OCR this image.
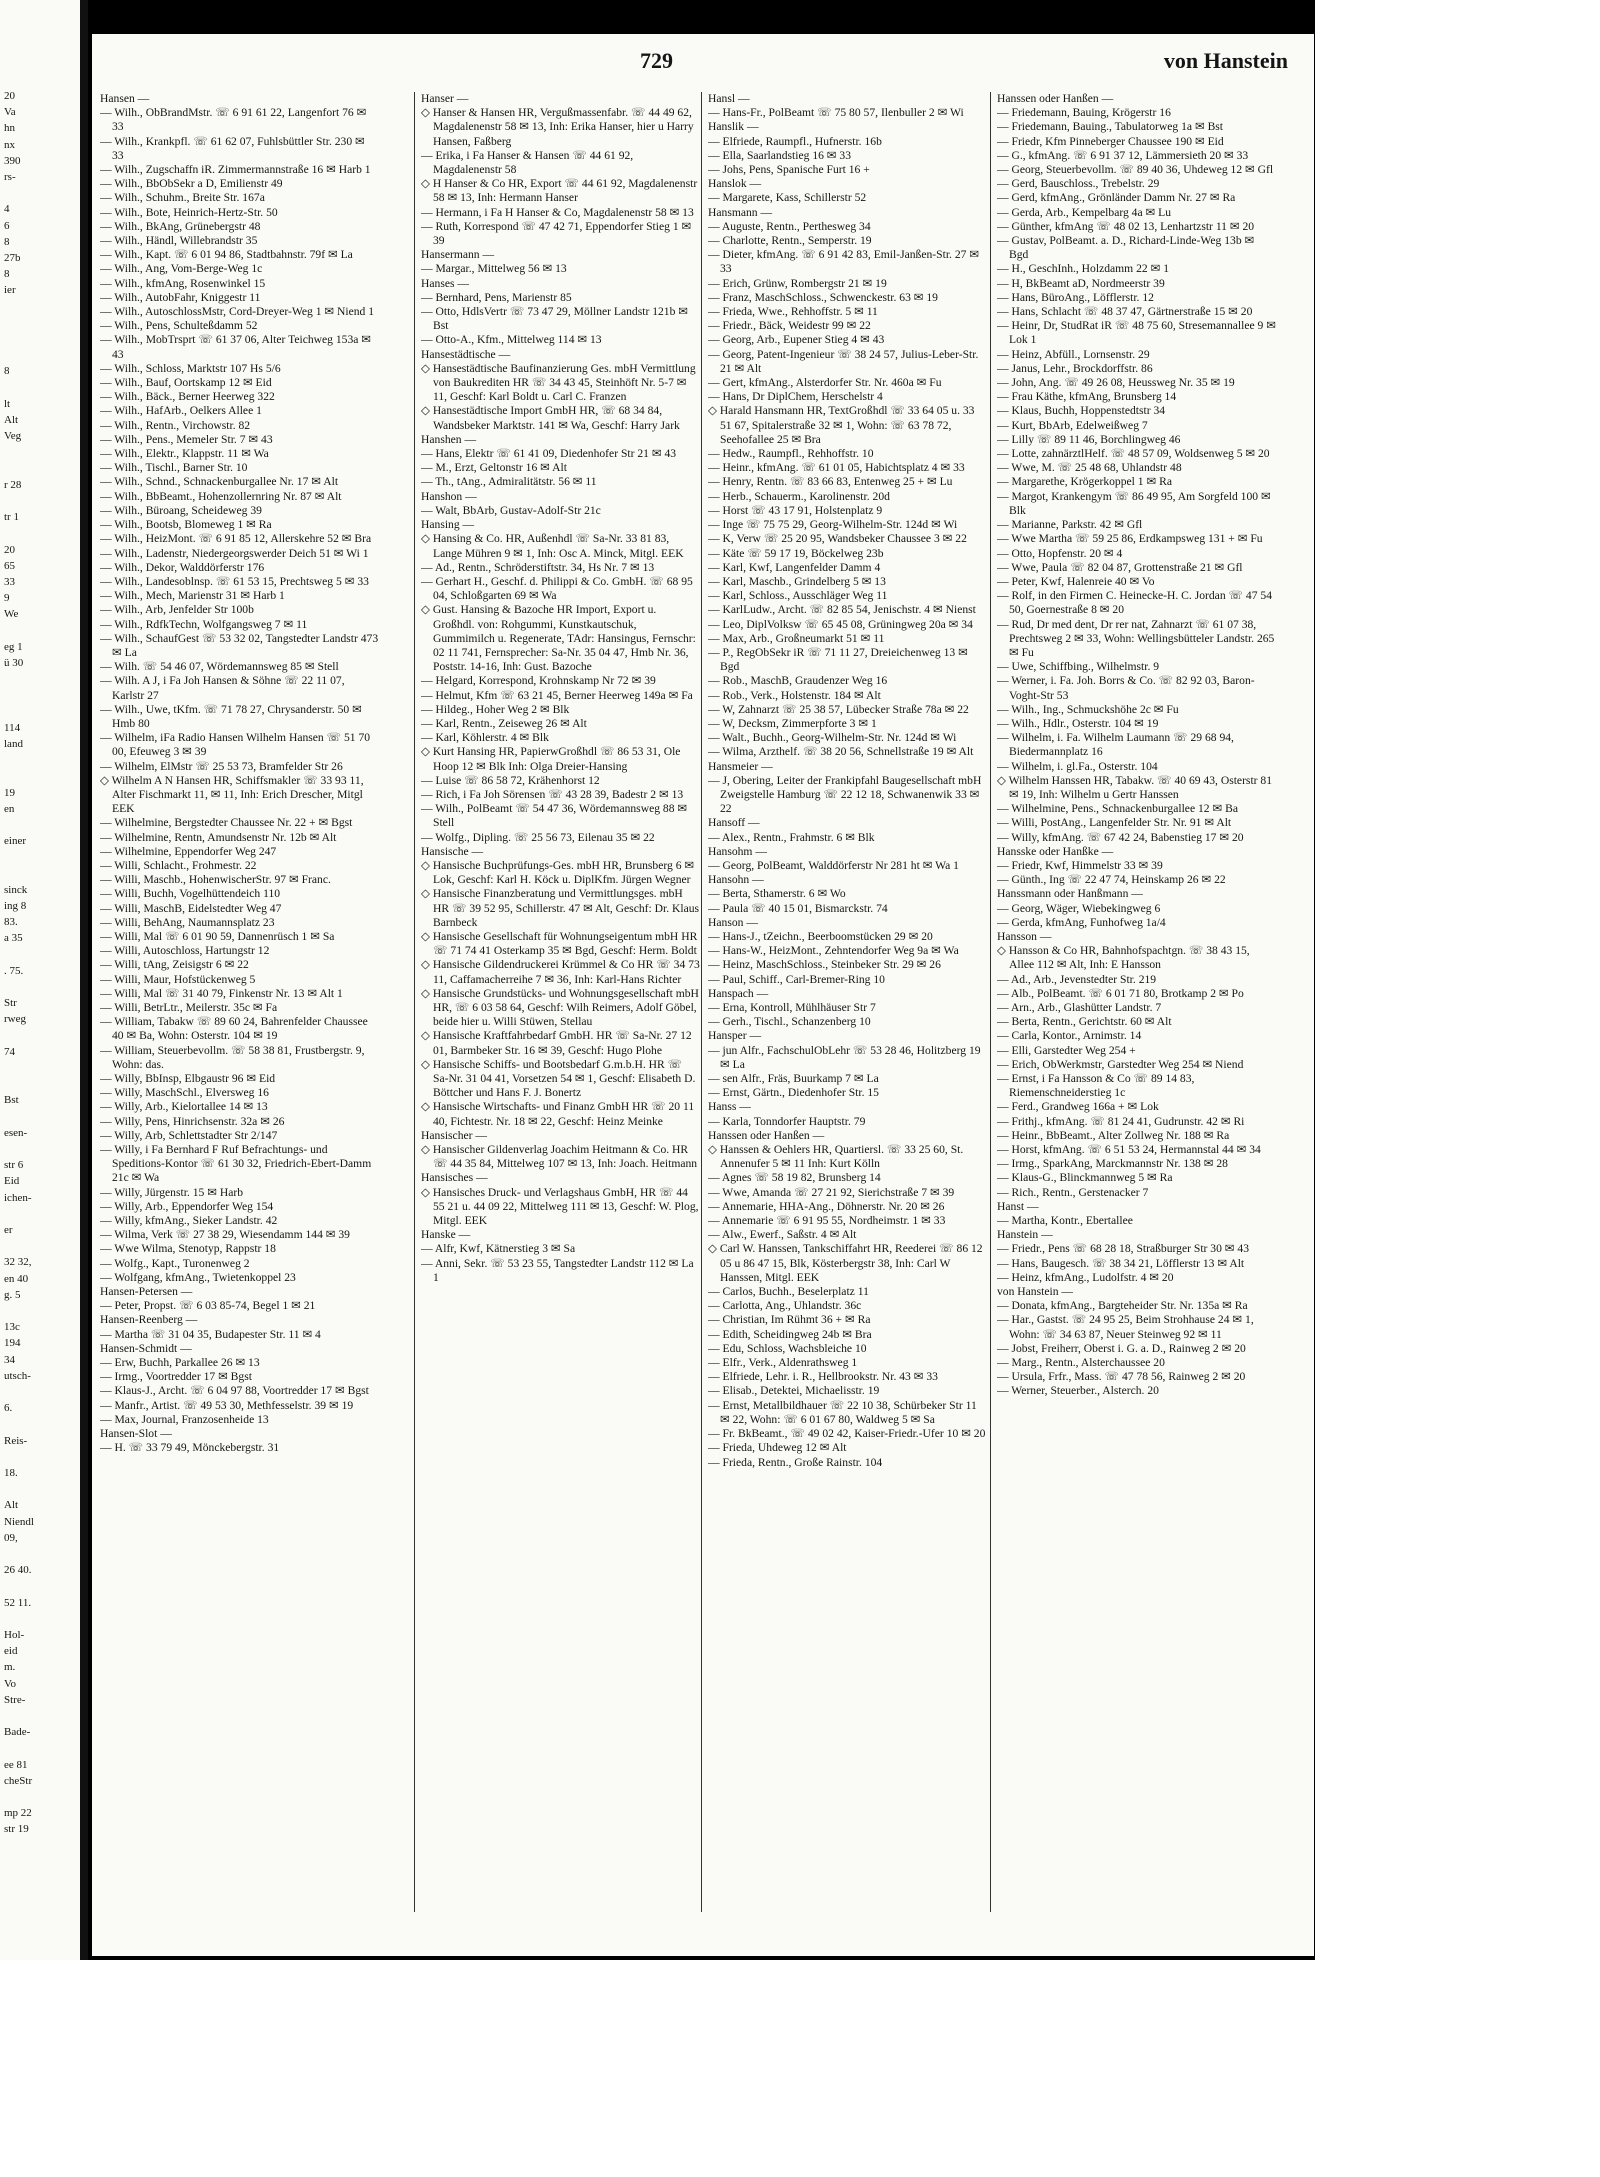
20
Va
hn
nx
390
rs-
4
6
8
27b
8
ier
8
lt
Alt
Veg
r 28
tr 1
20
65
33
9
We
eg 1
ü 30
114
land
19
en
einer
sinck
ing 8
83.
a 35
. 75.
Str
rweg
74
Bst
esen-
str 6
Eid
ichen-
er
32 32,
en 40
g. 5
13c
194
34
utsch-
6.
Reis-
18.
Alt
Niendl
09,
26 40.
52 11.
Hol-
eid
m.
Vo
Stre-
Bade-
ee 81
cheStr
mp 22
str 19
729	von Hanstein

Hansen —

— Wilh., ObBrandMstr. ☏ 6 91 61 22, Langenfort 76 ✉ 33

— Wilh., Krankpfl. ☏ 61 62 07, Fuhlsbüttler Str. 230 ✉ 33

— Wilh., Zugschaffn iR. Zimmermannstraße 16 ✉ Harb 1

— Wilh., BbObSekr a D, Emilienstr 49

— Wilh., Schuhm., Breite Str. 167a

— Wilh., Bote, Heinrich-Hertz-Str. 50

— Wilh., BkAng, Grünebergstr 48

— Wilh., Händl, Willebrandstr 35

— Wilh., Kapt. ☏ 6 01 94 86, Stadtbahnstr. 79f ✉ La

— Wilh., Ang, Vom-Berge-Weg 1c

— Wilh., kfmAng, Rosenwinkel 15

— Wilh., AutobFahr, Kniggestr 11

— Wilh., AutoschlossMstr, Cord-Dreyer-Weg 1 ✉ Niend 1

— Wilh., Pens, Schulteßdamm 52

— Wilh., MobTrsprt ☏ 61 37 06, Alter Teichweg 153a ✉ 43

— Wilh., Schloss, Marktstr 107 Hs 5/6

— Wilh., Bauf, Oortskamp 12 ✉ Eid

— Wilh., Bäck., Berner Heerweg 322

— Wilh., HafArb., Oelkers Allee 1

— Wilh., Rentn., Virchowstr. 82

— Wilh., Pens., Memeler Str. 7 ✉ 43

— Wilh., Elektr., Klappstr. 11 ✉ Wa

— Wilh., Tischl., Barner Str. 10

— Wilh., Schnd., Schnackenburgallee Nr. 17 ✉ Alt

— Wilh., BbBeamt., Hohenzollernring Nr. 87 ✉ Alt

— Wilh., Büroang, Scheideweg 39

— Wilh., Bootsb, Blomeweg 1 ✉ Ra

— Wilh., HeizMont. ☏ 6 91 85 12, Allerskehre 52 ✉ Bra

— Wilh., Ladenstr, Niedergeorgswerder Deich 51 ✉ Wi 1

— Wilh., Dekor, Walddörferstr 176

— Wilh., Landesoblnsp. ☏ 61 53 15, Prechtsweg 5 ✉ 33

— Wilh., Mech, Marienstr 31 ✉ Harb 1

— Wilh., Arb, Jenfelder Str 100b

— Wilh., RdfkTechn, Wolfgangsweg 7 ✉ 11

— Wilh., SchaufGest ☏ 53 32 02, Tangstedter Landstr 473 ✉ La

— Wilh. ☏ 54 46 07, Wördemannsweg 85 ✉ Stell

— Wilh. A J, i Fa Joh Hansen & Söhne ☏ 22 11 07, Karlstr 27

— Wilh., Uwe, tKfm. ☏ 71 78 27, Chrysanderstr. 50 ✉ Hmb 80

— Wilhelm, iFa Radio Hansen Wilhelm Hansen ☏ 51 70 00, Efeuweg 3 ✉ 39

— Wilhelm, ElMstr ☏ 25 53 73, Bramfelder Str 26

◇ Wilhelm A N Hansen HR, Schiffsmakler ☏ 33 93 11, Alter Fischmarkt 11, ✉ 11, Inh: Erich Drescher, Mitgl EEK

— Wilhelmine, Bergstedter Chaussee Nr. 22 + ✉ Bgst

— Wilhelmine, Rentn, Amundsenstr Nr. 12b ✉ Alt

— Wilhelmine, Eppendorfer Weg 247

— Willi, Schlacht., Frohmestr. 22

— Willi, Maschb., HohenwischerStr. 97 ✉ Franc.

— Willi, Buchh, Vogelhüttendeich 110

— Willi, MaschB, Eidelstedter Weg 47

— Willi, BehAng, Naumannsplatz 23

— Willi, Mal ☏ 6 01 90 59, Dannenrüsch 1 ✉ Sa

— Willi, Autoschloss, Hartungstr 12

— Willi, tAng, Zeisigstr 6 ✉ 22

— Willi, Maur, Hofstückenweg 5

— Willi, Mal ☏ 31 40 79, Finkenstr Nr. 13 ✉ Alt 1

— Willi, BetrLtr., Meilerstr. 35c ✉ Fa

— William, Tabakw ☏ 89 60 24, Bahrenfelder Chaussee 40 ✉ Ba, Wohn: Osterstr. 104 ✉ 19

— William, Steuerbevollm. ☏ 58 38 81, Frustbergstr. 9, Wohn: das.

— Willy, BbInsp, Elbgaustr 96 ✉ Eid

— Willy, MaschSchl., Elversweg 16

— Willy, Arb., Kielortallee 14 ✉ 13

— Willy, Pens, Hinrichsenstr. 32a ✉ 26

— Willy, Arb, Schlettstadter Str 2/147

— Willy, i Fa Bernhard F Ruf Befrachtungs- und Speditions-Kontor ☏ 61 30 32, Friedrich-Ebert-Damm 21c ✉ Wa

— Willy, Jürgenstr. 15 ✉ Harb

— Willy, Arb., Eppendorfer Weg 154

— Willy, kfmAng., Sieker Landstr. 42

— Wilma, Verk ☏ 27 38 29, Wiesendamm 144 ✉ 39

— Wwe Wilma, Stenotyp, Rappstr 18

— Wolfg., Kapt., Turonenweg 2

— Wolfgang, kfmAng., Twietenkoppel 23

Hansen-Petersen —

— Peter, Propst. ☏ 6 03 85-74, Begel 1 ✉ 21

Hansen-Reenberg —

— Martha ☏ 31 04 35, Budapester Str. 11 ✉ 4

Hansen-Schmidt —

— Erw, Buchh, Parkallee 26 ✉ 13

— Irmg., Voortredder 17 ✉ Bgst

— Klaus-J., Archt. ☏ 6 04 97 88, Voortredder 17 ✉ Bgst

— Manfr., Artist. ☏ 49 53 30, Methfesselstr. 39 ✉ 19

— Max, Journal, Franzosenheide 13

Hansen-Slot —

— H. ☏ 33 79 49, Mönckebergstr. 31

Hanser —

◇ Hanser & Hansen HR, Vergußmassenfabr. ☏ 44 49 62, Magdalenenstr 58 ✉ 13, Inh: Erika Hanser, hier u Harry Hansen, Faßberg

— Erika, i Fa Hanser & Hansen ☏ 44 61 92, Magdalenenstr 58

◇ H Hanser & Co HR, Export ☏ 44 61 92, Magdalenenstr 58 ✉ 13, Inh: Hermann Hanser

— Hermann, i Fa H Hanser & Co, Magdalenenstr 58 ✉ 13

— Ruth, Korrespond ☏ 47 42 71, Eppendorfer Stieg 1 ✉ 39

Hansermann —

— Margar., Mittelweg 56 ✉ 13

Hanses —

— Bernhard, Pens, Marienstr 85

— Otto, HdlsVertr ☏ 73 47 29, Möllner Landstr 121b ✉ Bst

— Otto-A., Kfm., Mittelweg 114 ✉ 13

Hansestädtische —

◇ Hansestädtische Baufinanzierung Ges. mbH Vermittlung von Baukrediten HR ☏ 34 43 45, Steinhöft Nr. 5-7 ✉ 11, Geschf: Karl Boldt u. Carl C. Franzen

◇ Hansestädtische Import GmbH HR, ☏ 68 34 84, Wandsbeker Marktstr. 141 ✉ Wa, Geschf: Harry Jark

Hanshen —

— Hans, Elektr ☏ 61 41 09, Diedenhofer Str 21 ✉ 43

— M., Erzt, Geltonstr 16 ✉ Alt

— Th., tAng., Admiralitätstr. 56 ✉ 11

Hanshon —

— Walt, BbArb, Gustav-Adolf-Str 21c

Hansing —

◇ Hansing & Co. HR, Außenhdl ☏ Sa-Nr. 33 81 83, Lange Mühren 9 ✉ 1, Inh: Osc A. Minck, Mitgl. EEK

— Ad., Rentn., Schröderstiftstr. 34, Hs Nr. 7 ✉ 13

— Gerhart H., Geschf. d. Philippi & Co. GmbH. ☏ 68 95 04, Schloßgarten 69 ✉ Wa

◇ Gust. Hansing & Bazoche HR Import, Export u. Großhdl. von: Rohgummi, Kunstkautschuk, Gummimilch u. Regenerate, TAdr: Hansingus, Fernschr: 02 11 741, Fernsprecher: Sa-Nr. 35 04 47, Hmb Nr. 36, Poststr. 14-16, Inh: Gust. Bazoche

— Helgard, Korrespond, Krohnskamp Nr 72 ✉ 39

— Helmut, Kfm ☏ 63 21 45, Berner Heerweg 149a ✉ Fa

— Hildeg., Hoher Weg 2 ✉ Blk

— Karl, Rentn., Zeiseweg 26 ✉ Alt

— Karl, Köhlerstr. 4 ✉ Blk

◇ Kurt Hansing HR, PapierwGroßhdl ☏ 86 53 31, Ole Hoop 12 ✉ Blk Inh: Olga Dreier-Hansing

— Luise ☏ 86 58 72, Krähenhorst 12

— Rich, i Fa Joh Sörensen ☏ 43 28 39, Badestr 2 ✉ 13

— Wilh., PolBeamt ☏ 54 47 36, Wördemannsweg 88 ✉ Stell

— Wolfg., Dipling. ☏ 25 56 73, Eilenau 35 ✉ 22

Hansische —

◇ Hansische Buchprüfungs-Ges. mbH HR, Brunsberg 6 ✉ Lok, Geschf: Karl H. Köck u. DiplKfm. Jürgen Wegner

◇ Hansische Finanzberatung und Vermittlungsges. mbH HR ☏ 39 52 95, Schillerstr. 47 ✉ Alt, Geschf: Dr. Klaus Barnbeck

◇ Hansische Gesellschaft für Wohnungseigentum mbH HR ☏ 71 74 41 Osterkamp 35 ✉ Bgd, Geschf: Herm. Boldt

◇ Hansische Gildendruckerei Krümmel & Co HR ☏ 34 73 11, Caffamacherreihe 7 ✉ 36, Inh: Karl-Hans Richter

◇ Hansische Grundstücks- und Wohnungsgesellschaft mbH HR, ☏ 6 03 58 64, Geschf: Wilh Reimers, Adolf Göbel, beide hier u. Willi Stüwen, Stellau

◇ Hansische Kraftfahrbedarf GmbH. HR ☏ Sa-Nr. 27 12 01, Barmbeker Str. 16 ✉ 39, Geschf: Hugo Plohe

◇ Hansische Schiffs- und Bootsbedarf G.m.b.H. HR ☏ Sa-Nr. 31 04 41, Vorsetzen 54 ✉ 1, Geschf: Elisabeth D. Böttcher und Hans F. J. Bonertz

◇ Hansische Wirtschafts- und Finanz GmbH HR ☏ 20 11 40, Fichtestr. Nr. 18 ✉ 22, Geschf: Heinz Meinke

Hansischer —

◇ Hansischer Gildenverlag Joachim Heitmann & Co. HR ☏ 44 35 84, Mittelweg 107 ✉ 13, Inh: Joach. Heitmann

Hansisches —

◇ Hansisches Druck- und Verlagshaus GmbH, HR ☏ 44 55 21 u. 44 09 22, Mittelweg 111 ✉ 13, Geschf: W. Plog, Mitgl. EEK

Hanske —

— Alfr, Kwf, Kätnerstieg 3 ✉ Sa

— Anni, Sekr. ☏ 53 23 55, Tangstedter Landstr 112 ✉ La 1

Hansl —

— Hans-Fr., PolBeamt ☏ 75 80 57, Ilenbuller 2 ✉ Wi

Hanslik —

— Elfriede, Raumpfl., Hufnerstr. 16b

— Ella, Saarlandstieg 16 ✉ 33

— Johs, Pens, Spanische Furt 16 +

Hanslok —

— Margarete, Kass, Schillerstr 52

Hansmann —

— Auguste, Rentn., Perthesweg 34

— Charlotte, Rentn., Semperstr. 19

— Dieter, kfmAng. ☏ 6 91 42 83, Emil-Janßen-Str. 27 ✉ 33

— Erich, Grünw, Rombergstr 21 ✉ 19

— Franz, MaschSchloss., Schwenckestr. 63 ✉ 19

— Frieda, Wwe., Rehhoffstr. 5 ✉ 11

— Friedr., Bäck, Weidestr 99 ✉ 22

— Georg, Arb., Eupener Stieg 4 ✉ 43

— Georg, Patent-Ingenieur ☏ 38 24 57, Julius-Leber-Str. 21 ✉ Alt

— Gert, kfmAng., Alsterdorfer Str. Nr. 460a ✉ Fu

— Hans, Dr DiplChem, Herschelstr 4

◇ Harald Hansmann HR, TextGroßhdl ☏ 33 64 05 u. 33 51 67, Spitalerstraße 32 ✉ 1, Wohn: ☏ 63 78 72, Seehofallee 25 ✉ Bra

— Hedw., Raumpfl., Rehhoffstr. 10

— Heinr., kfmAng. ☏ 61 01 05, Habichtsplatz 4 ✉ 33

— Henry, Rentn. ☏ 83 66 83, Entenweg 25 + ✉ Lu

— Herb., Schauerm., Karolinenstr. 20d

— Horst ☏ 43 17 91, Holstenplatz 9

— Inge ☏ 75 75 29, Georg-Wilhelm-Str. 124d ✉ Wi

— K, Verw ☏ 25 20 95, Wandsbeker Chaussee 3 ✉ 22

— Käte ☏ 59 17 19, Böckelweg 23b

— Karl, Kwf, Langenfelder Damm 4

— Karl, Maschb., Grindelberg 5 ✉ 13

— Karl, Schloss., Ausschläger Weg 11

— KarlLudw., Archt. ☏ 82 85 54, Jenischstr. 4 ✉ Nienst

— Leo, DiplVolksw ☏ 65 45 08, Grüningweg 20a ✉ 34

— Max, Arb., Großneumarkt 51 ✉ 11

— P., RegObSekr iR ☏ 71 11 27, Dreieichenweg 13 ✉ Bgd

— Rob., MaschB, Graudenzer Weg 16

— Rob., Verk., Holstenstr. 184 ✉ Alt

— W, Zahnarzt ☏ 25 38 57, Lübecker Straße 78a ✉ 22

— W, Decksm, Zimmerpforte 3 ✉ 1

— Walt., Buchh., Georg-Wilhelm-Str. Nr. 124d ✉ Wi

— Wilma, Arzthelf. ☏ 38 20 56, Schnellstraße 19 ✉ Alt

Hansmeier —

— J, Obering, Leiter der Frankipfahl Baugesellschaft mbH Zweigstelle Hamburg ☏ 22 12 18, Schwanenwik 33 ✉ 22

Hansoff —

— Alex., Rentn., Frahmstr. 6 ✉ Blk

Hansohm —

— Georg, PolBeamt, Walddörferstr Nr 281 ht ✉ Wa 1

Hansohn —

— Berta, Sthamerstr. 6 ✉ Wo

— Paula ☏ 40 15 01, Bismarckstr. 74

Hanson —

— Hans-J., tZeichn., Beerboomstücken 29 ✉ 20

— Hans-W., HeizMont., Zehntendorfer Weg 9a ✉ Wa

— Heinz, MaschSchloss., Steinbeker Str. 29 ✉ 26

— Paul, Schiff., Carl-Bremer-Ring 10

Hanspach —

— Erna, Kontroll, Mühlhäuser Str 7

— Gerh., Tischl., Schanzenberg 10

Hansper —

— jun Alfr., FachschulObLehr ☏ 53 28 46, Holitzberg 19 ✉ La

— sen Alfr., Fräs, Buurkamp 7 ✉ La

— Ernst, Gärtn., Diedenhofer Str. 15

Hanss —

— Karla, Tonndorfer Hauptstr. 79

Hanssen oder Hanßen —

◇ Hanssen & Oehlers HR, Quartiersl. ☏ 33 25 60, St. Annenufer 5 ✉ 11 Inh: Kurt Kölln

— Agnes ☏ 58 19 82, Brunsberg 14

— Wwe, Amanda ☏ 27 21 92, Sierichstraße 7 ✉ 39

— Annemarie, HHA-Ang., Döhnerstr. Nr. 20 ✉ 26

— Annemarie ☏ 6 91 95 55, Nordheimstr. 1 ✉ 33

— Alw., Ewerf., Saßstr. 4 ✉ Alt

◇ Carl W. Hanssen, Tankschiffahrt HR, Reederei ☏ 86 12 05 u 86 47 15, Blk, Kösterbergstr 38, Inh: Carl W Hanssen, Mitgl. EEK

— Carlos, Buchh., Beselerplatz 11

— Carlotta, Ang., Uhlandstr. 36c

— Christian, Im Rühmt 36 + ✉ Ra

— Edith, Scheidingweg 24b ✉ Bra

— Edu, Schloss, Wachsbleiche 10

— Elfr., Verk., Aldenrathsweg 1

— Elfriede, Lehr. i. R., Hellbrookstr. Nr. 43 ✉ 33

— Elisab., Detektei, Michaelisstr. 19

— Ernst, Metallbildhauer ☏ 22 10 38, Schürbeker Str 11 ✉ 22, Wohn: ☏ 6 01 67 80, Waldweg 5 ✉ Sa

— Fr. BkBeamt., ☏ 49 02 42, Kaiser-Friedr.-Ufer 10 ✉ 20

— Frieda, Uhdeweg 12 ✉ Alt

— Frieda, Rentn., Große Rainstr. 104

Hanssen oder Hanßen —

— Friedemann, Bauing, Krögerstr 16

— Friedemann, Bauing., Tabulatorweg 1a ✉ Bst

— Friedr, Kfm Pinneberger Chaussee 190 ✉ Eid

— G., kfmAng. ☏ 6 91 37 12, Lämmersieth 20 ✉ 33

— Georg, Steuerbevollm. ☏ 89 40 36, Uhdeweg 12 ✉ Gfl

— Gerd, Bauschloss., Trebelstr. 29

— Gerd, kfmAng., Grönländer Damm Nr. 27 ✉ Ra

— Gerda, Arb., Kempelbarg 4a ✉ Lu

— Günther, kfmAng ☏ 48 02 13, Lenhartzstr 11 ✉ 20

— Gustav, PolBeamt. a. D., Richard-Linde-Weg 13b ✉ Bgd

— H., GeschInh., Holzdamm 22 ✉ 1

— H, BkBeamt aD, Nordmeerstr 39

— Hans, BüroAng., Löfflerstr. 12

— Hans, Schlacht ☏ 48 37 47, Gärtnerstraße 15 ✉ 20

— Heinr, Dr, StudRat iR ☏ 48 75 60, Stresemannallee 9 ✉ Lok 1

— Heinz, Abfüll., Lornsenstr. 29

— Janus, Lehr., Brockdorffstr. 86

— John, Ang. ☏ 49 26 08, Heussweg Nr. 35 ✉ 19

— Frau Käthe, kfmAng, Brunsberg 14

— Klaus, Buchh, Hoppenstedtstr 34

— Kurt, BbArb, Edelweißweg 7

— Lilly ☏ 89 11 46, Borchlingweg 46

— Lotte, zahnärztlHelf. ☏ 48 57 09, Woldsenweg 5 ✉ 20

— Wwe, M. ☏ 25 48 68, Uhlandstr 48

— Margarethe, Krögerkoppel 1 ✉ Ra

— Margot, Krankengym ☏ 86 49 95, Am Sorgfeld 100 ✉ Blk

— Marianne, Parkstr. 42 ✉ Gfl

— Wwe Martha ☏ 59 25 86, Erdkampsweg 131 + ✉ Fu

— Otto, Hopfenstr. 20 ✉ 4

— Wwe, Paula ☏ 82 04 87, Grottenstraße 21 ✉ Gfl

— Peter, Kwf, Halenreie 40 ✉ Vo

— Rolf, in den Firmen C. Heinecke-H. C. Jordan ☏ 47 54 50, Goernestraße 8 ✉ 20

— Rud, Dr med dent, Dr rer nat, Zahnarzt ☏ 61 07 38, Prechtsweg 2 ✉ 33, Wohn: Wellingsbütteler Landstr. 265 ✉ Fu

— Uwe, Schiffbing., Wilhelmstr. 9

— Werner, i. Fa. Joh. Borrs & Co. ☏ 82 92 03, Baron-Voght-Str 53

— Wilh., Ing., Schmuckshöhe 2c ✉ Fu

— Wilh., Hdlr., Osterstr. 104 ✉ 19

— Wilhelm, i. Fa. Wilhelm Laumann ☏ 29 68 94, Biedermannplatz 16

— Wilhelm, i. gl.Fa., Osterstr. 104

◇ Wilhelm Hanssen HR, Tabakw. ☏ 40 69 43, Osterstr 81 ✉ 19, Inh: Wilhelm u Gertr Hanssen

— Wilhelmine, Pens., Schnackenburgallee 12 ✉ Ba

— Willi, PostAng., Langenfelder Str. Nr. 91 ✉ Alt

— Willy, kfmAng. ☏ 67 42 24, Babenstieg 17 ✉ 20

Hansske oder Hanßke —

— Friedr, Kwf, Himmelstr 33 ✉ 39

— Günth., Ing ☏ 22 47 74, Heinskamp 26 ✉ 22

Hanssmann oder Hanßmann —

— Georg, Wäger, Wiebekingweg 6

— Gerda, kfmAng, Funhofweg 1a/4

Hansson —

◇ Hansson & Co HR, Bahnhofspachtgn. ☏ 38 43 15, Allee 112 ✉ Alt, Inh: E Hansson

— Ad., Arb., Jevenstedter Str. 219

— Alb., PolBeamt. ☏ 6 01 71 80, Brotkamp 2 ✉ Po

— Arn., Arb., Glashütter Landstr. 7

— Berta, Rentn., Gerichtstr. 60 ✉ Alt

— Carla, Kontor., Arnimstr. 14

— Elli, Garstedter Weg 254 +

— Erich, ObWerkmstr, Garstedter Weg 254 ✉ Niend

— Ernst, i Fa Hansson & Co ☏ 89 14 83, Riemenschneiderstieg 1c

— Ferd., Grandweg 166a + ✉ Lok

— Frithj., kfmAng. ☏ 81 24 41, Gudrunstr. 42 ✉ Ri

— Heinr., BbBeamt., Alter Zollweg Nr. 188 ✉ Ra

— Horst, kfmAng. ☏ 6 51 53 24, Hermannstal 44 ✉ 34

— Irmg., SparkAng, Marckmannstr Nr. 138 ✉ 28

— Klaus-G., Blinckmannweg 5 ✉ Ra

— Rich., Rentn., Gerstenacker 7

Hanst —

— Martha, Kontr., Ebertallee

Hanstein —

— Friedr., Pens ☏ 68 28 18, Straßburger Str 30 ✉ 43

— Hans, Baugesch. ☏ 38 34 21, Löfflerstr 13 ✉ Alt

— Heinz, kfmAng., Ludolfstr. 4 ✉ 20

von Hanstein —

— Donata, kfmAng., Bargteheider Str. Nr. 135a ✉ Ra

— Har., Gastst. ☏ 24 95 25, Beim Strohhause 24 ✉ 1, Wohn: ☏ 34 63 87, Neuer Steinweg 92 ✉ 11

— Jobst, Freiherr, Oberst i. G. a. D., Rainweg 2 ✉ 20

— Marg., Rentn., Alsterchaussee 20

— Ursula, Frfr., Mass. ☏ 47 78 56, Rainweg 2 ✉ 20

— Werner, Steuerber., Alsterch. 20
